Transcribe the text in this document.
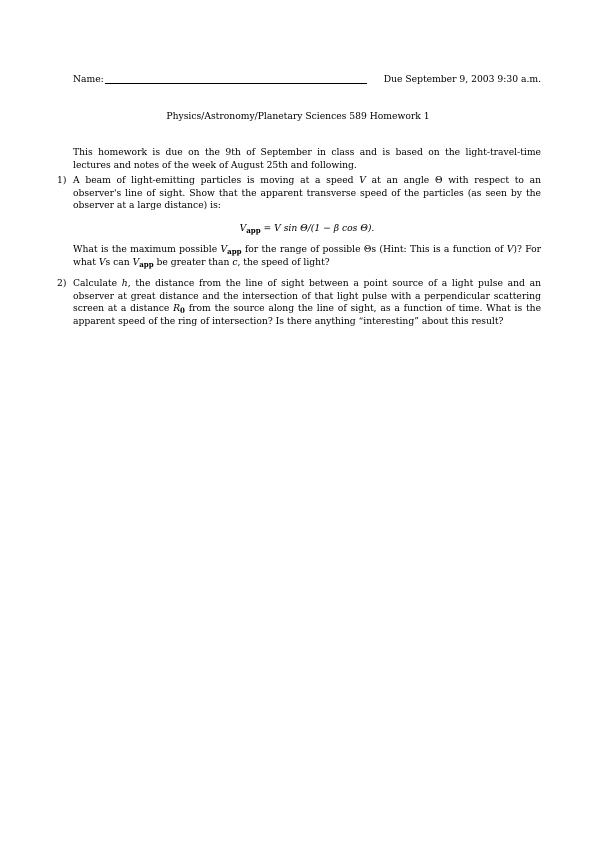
Name:	Due September 9, 2003 9:30 a.m.
Physics/Astronomy/Planetary Sciences 589 Homework 1
This homework is due on the 9th of September in class and is based on the light-travel-time lectures and notes of the week of August 25th and following.
1) A beam of light-emitting particles is moving at a speed V at an angle Θ with respect to an observer's line of sight. Show that the apparent transverse speed of the particles (as seen by the observer at a large distance) is:
$V_{app} = V$ sin Θ/(1 − β cos Θ).
What is the maximum possible $V_{app}$ for the range of possible Θs (Hint: This is a function of V)? For what Vs can $V_{app}$ be greater than c, the speed of light?
2) Calculate h, the distance from the line of sight between a point source of a light pulse and an observer at great distance and the intersection of that light pulse with a perpendicular scattering screen at a distance $R_0$ from the source along the line of sight, as a function of time. What is the apparent speed of the ring of intersection? Is there anything “interesting” about this result?
